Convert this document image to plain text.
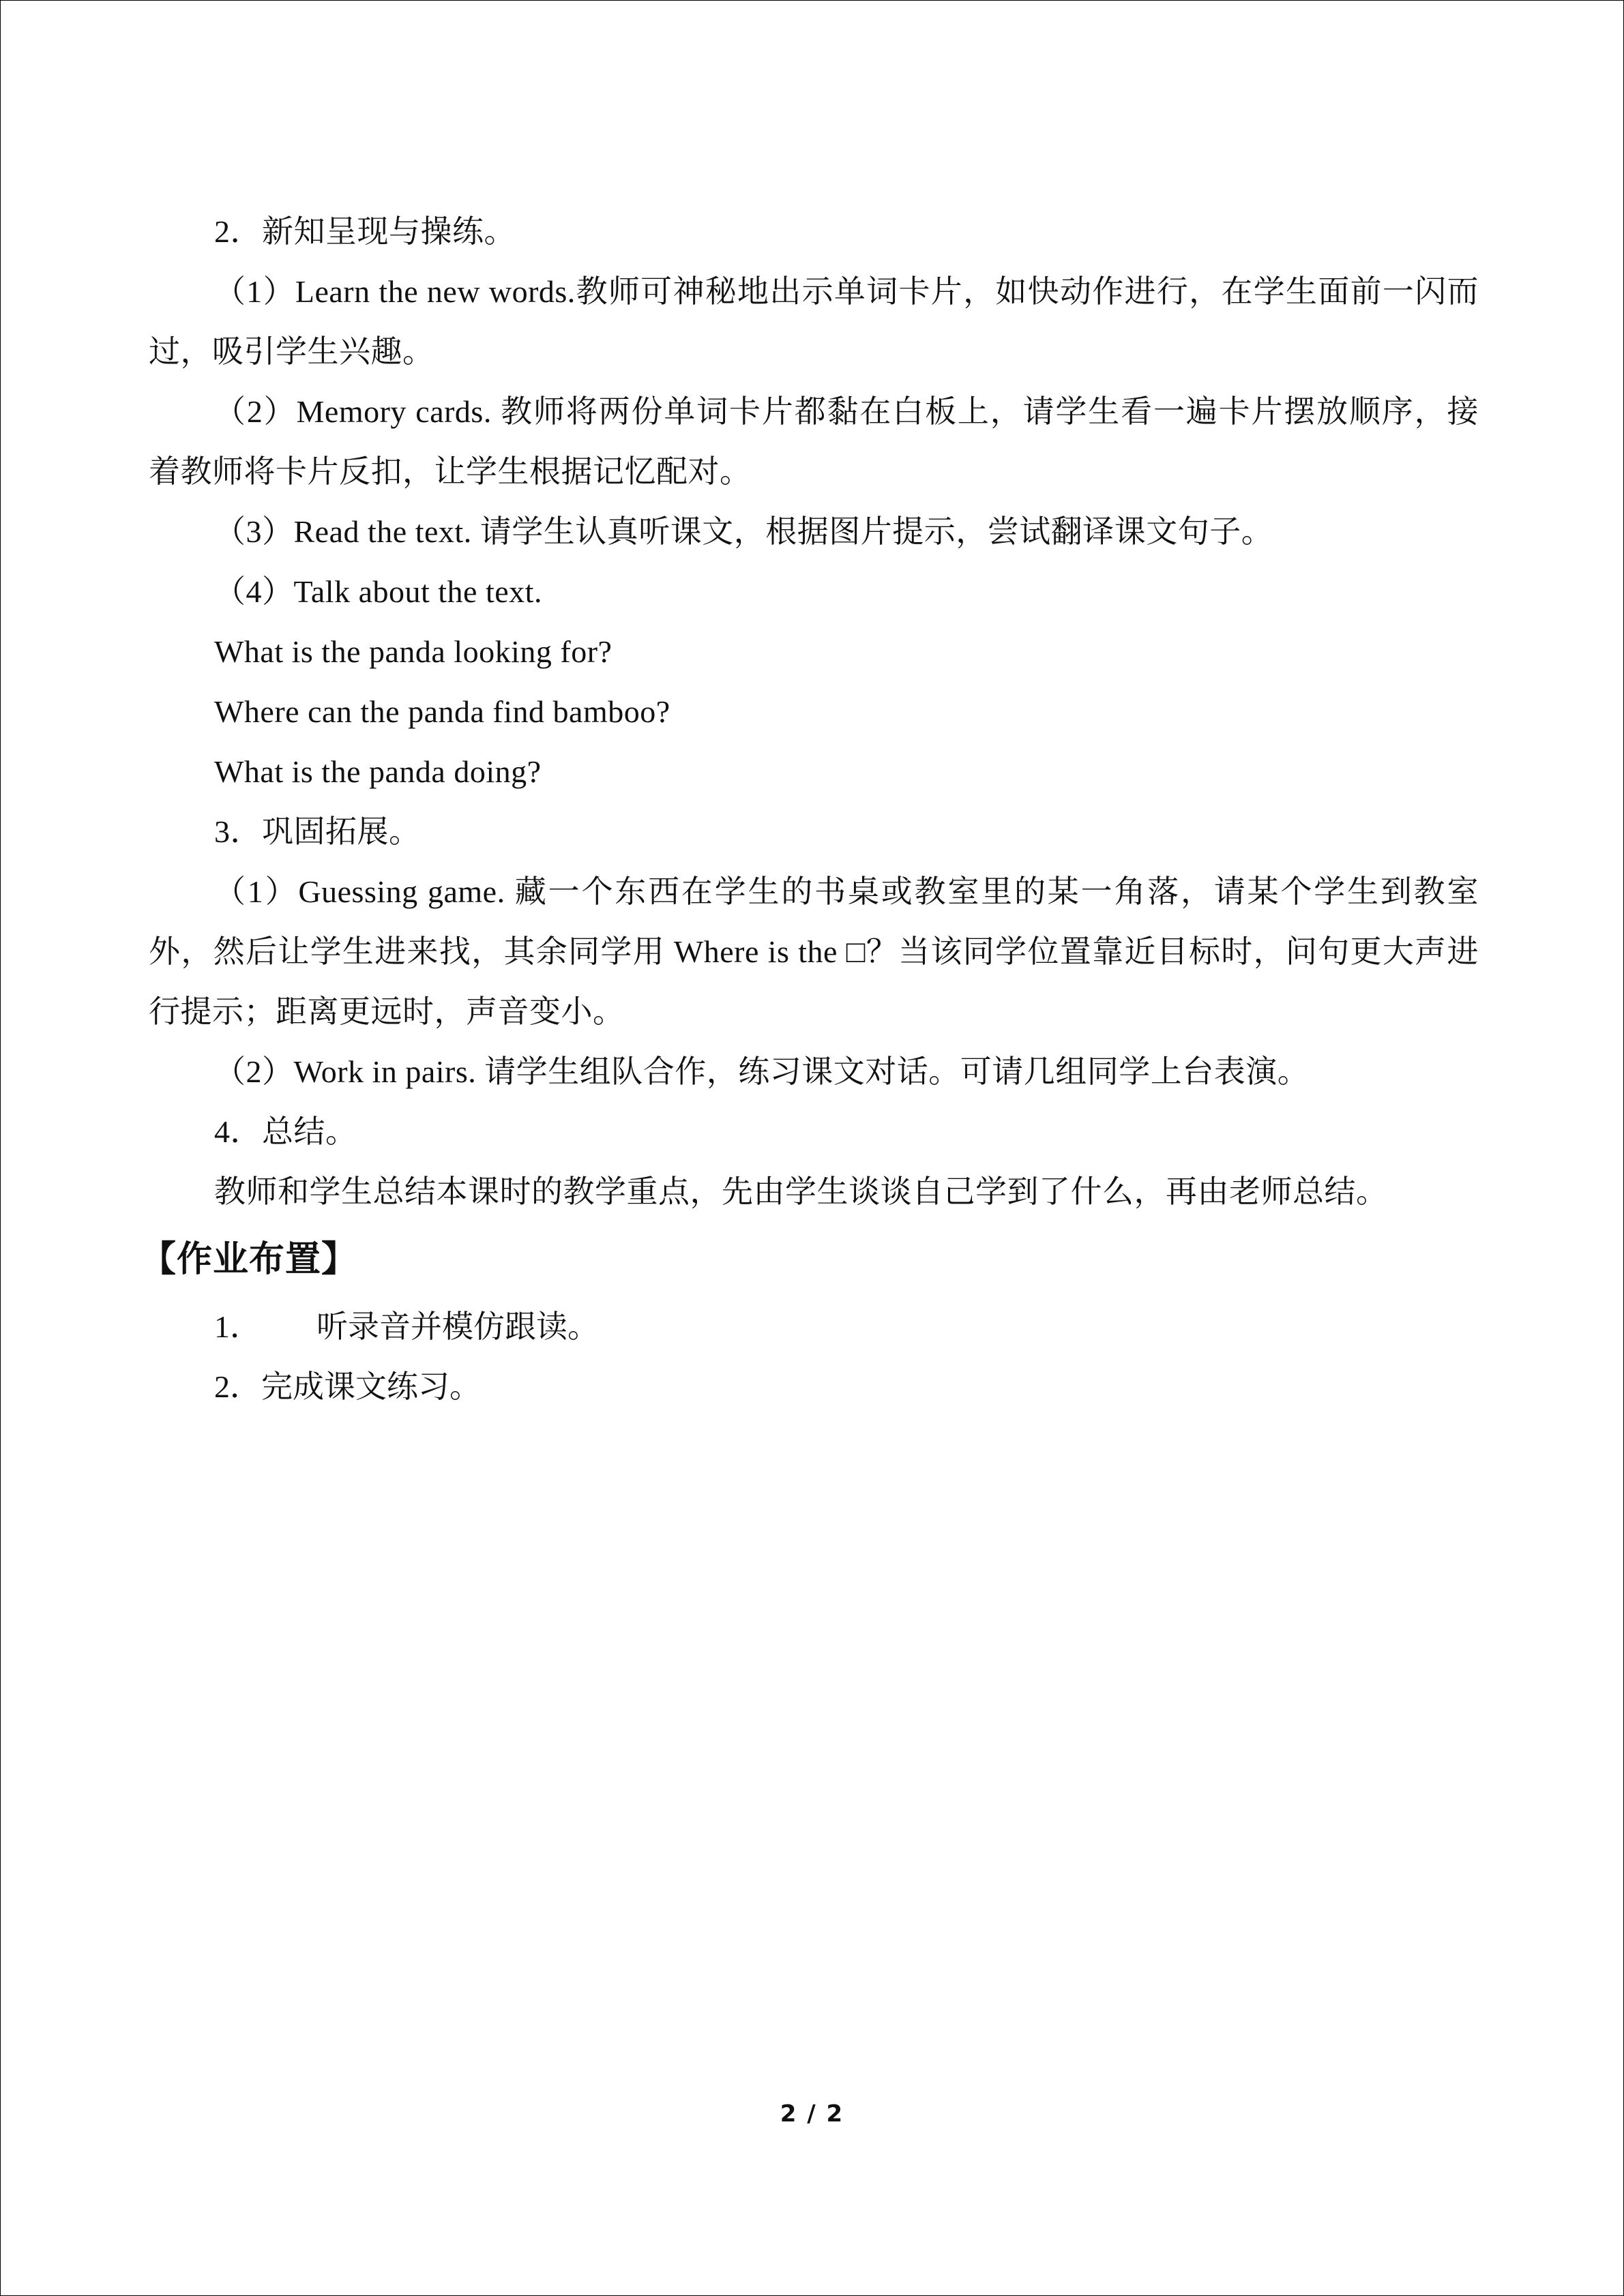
2．新知呈现与操练。

（1）Learn the new words.教师可神秘地出示单词卡片，如快动作进行，在学生面前一闪而过，吸引学生兴趣。

（2）Memory cards. 教师将两份单词卡片都黏在白板上，请学生看一遍卡片摆放顺序，接着教师将卡片反扣，让学生根据记忆配对。

（3）Read the text. 请学生认真听课文，根据图片提示，尝试翻译课文句子。

（4）Talk about the text.

What is the panda looking for?

Where can the panda find bamboo?

What is the panda doing?

3．巩固拓展。

（1）Guessing game. 藏一个东西在学生的书桌或教室里的某一角落，请某个学生到教室外，然后让学生进来找，其余同学用 Where is the □？当该同学位置靠近目标时，问句更大声进行提示；距离更远时，声音变小。

（2）Work in pairs. 请学生组队合作，练习课文对话。可请几组同学上台表演。

4．总结。

教师和学生总结本课时的教学重点，先由学生谈谈自己学到了什么，再由老师总结。

【作业布置】
1． 听录音并模仿跟读。
2．完成课文练习。
2 / 2
